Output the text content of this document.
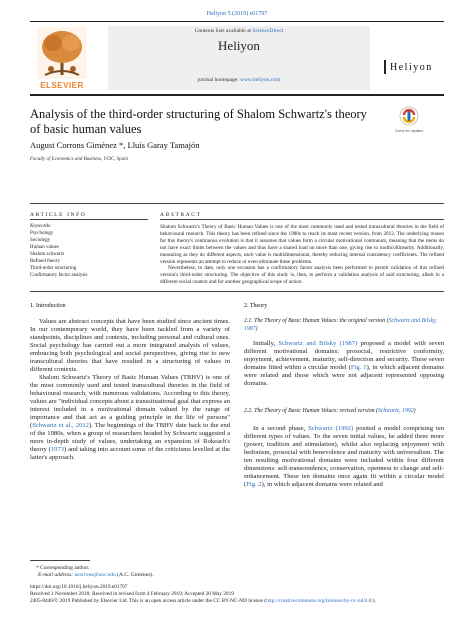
Heliyon 5 (2019) e01797
ELSEVIER
Contents lists available at ScienceDirect
Heliyon
journal homepage: www.heliyon.com
Heliyon
Analysis of the third-order structuring of Shalom Schwartz's theory of basic human values	Check for updates
August Corrons Giménez *, Lluís Garay Tamajón
Faculty of Economics and Business, UOC, Spain
ARTICLE INFO	ABSTRACT
Keywords:
Psychology
Sociology
Human values
Shalom schwartz
Refined theory
Third-order structuring
Confirmatory factor analysis

Shalom Schwartz's Theory of Basic Human Values is one of the most commonly used and tested transcultural theories in the field of behavioural research. This theory has been refined since the 1980s to reach its most recent version, from 2012. The underlying reason for this theory's continuous evolution is that it assumes that values form a circular motivational continuum, meaning that the items do not have exact limits between the values and thus have a shared load on more than one, giving rise to multicollinearity. Additionally, measuring as they do different aspects, each value is multidimensional, thereby reducing internal consistency coefficients. The refined version represents an attempt to reduce or even eliminate these problems.

Nevertheless, to date, only one occasion has a confirmatory factor analysis been performed to permit validation of this refined version's third-order structuring. The objective of this study is, then, to perform a validation analysis of said structuring, albeit in a different social context and for another geographical scope of action.

1. Introduction

Values are abstract concepts that have been studied since ancient times. In our contemporary world, they have been tackled from a variety of standpoints, disciplines and contexts, including personal and cultural ones. Social psychology has carried out a more integrated analysis of values, embracing both psychological and social perspectives, giving rise to new transcultural theories that have resulted in a structuring of values in different contexts.

Shalom Schwartz's Theory of Basic Human Values (TBHV) is one of the most commonly used and tested transcultural theories in the field of behavioural research, with numerous validations. According to this theory, values are "individual concepts about a transsituational goal that express an interest included in a motivational domain valued by the range of importance and that act as a guiding principle in the life of persons" (Schwartz et al., 2012). The beginnings of the TBHV date back to the end of the 1980s, when a group of researchers headed by Schwartz suggested a more in-depth study of values, undertaking an expansion of Rokeach's theory (1973) and taking into account some of the criticisms levelled at the latter's approach.

2. Theory
2.1. The Theory of Basic Human Values: the original version (Schwartz and Bilsky, 1987)

Initially, Schwartz and Bilsky (1987) proposed a model with seven different motivational domains: prosocial, restrictive conformity, enjoyment, achievement, maturity, self-direction and security. These seven domains fitted within a circular model (Fig. 1), in which adjacent domains were related and those which were not adjacent represented opposing domains.

2.2. The Theory of Basic Human Values: revised version (Schwartz, 1992)

In a second phase, Schwartz (1992) posited a model comprising ten different types of values. To the seven initial values, he added three more (power, tradition and stimulation), whilst also replacing enjoyment with hedonism, prosocial with benevolence and maturity with universalism. The ten resulting motivational domains were included within four different dimensions: self-transcendence, conservation, openness to change and self-enhancement. These ten domains once again fit within a circular model (Fig. 2), in which adjacent domains were related and

* Corresponding author.
E-mail address: acorrons@uoc.edu (A.C. Giménez).
https://doi.org/10.1016/j.heliyon.2019.e01797
Received 1 November 2018; Received in revised form 4 February 2019; Accepted 20 May 2019
2405-8440/© 2019 Published by Elsevier Ltd. This is an open access article under the CC BY-NC-ND license (http://creativecommons.org/licenses/by-nc-nd/4.0/).
